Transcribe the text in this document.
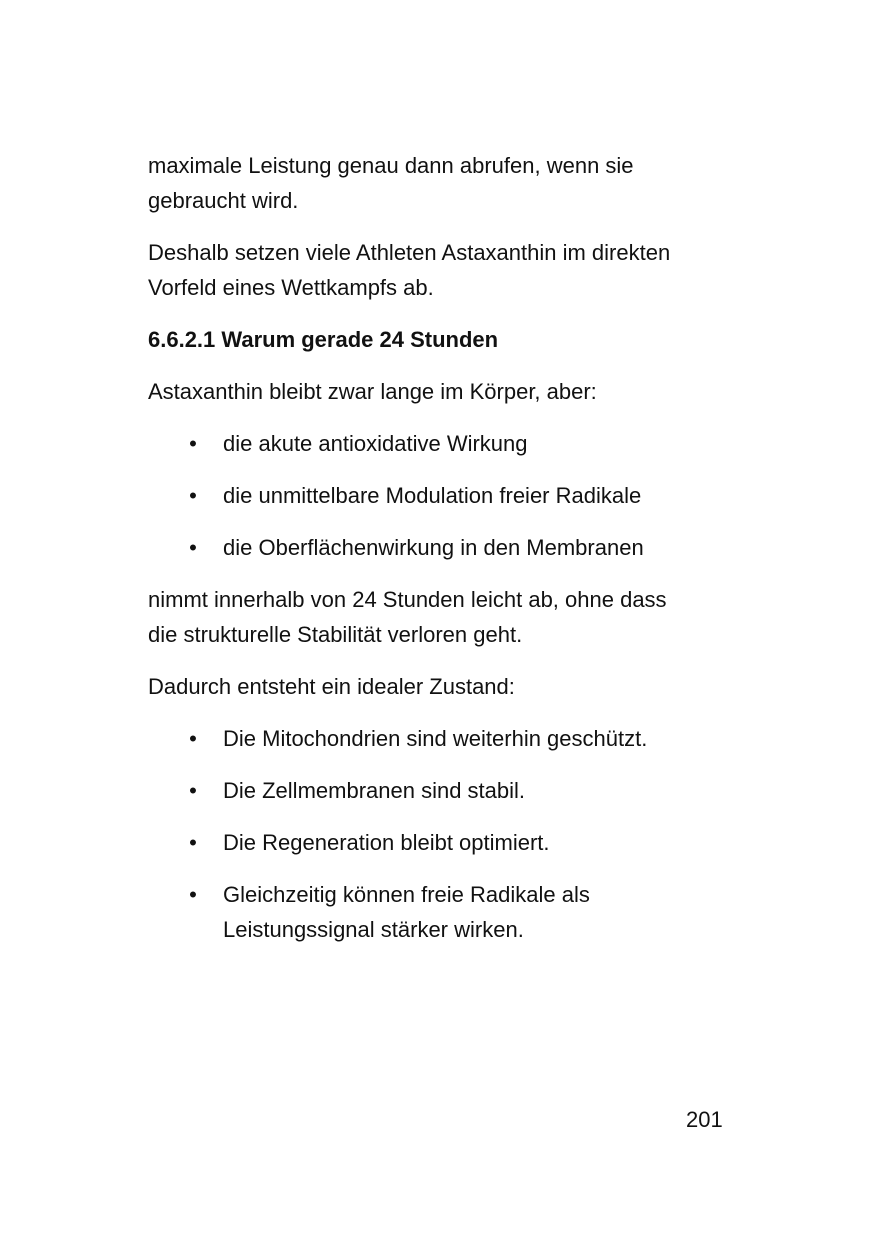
maximale Leistung genau dann abrufen, wenn sie
gebraucht wird.

Deshalb setzen viele Athleten Astaxanthin im direkten
Vorfeld eines Wettkampfs ab.

6.6.2.1 Warum gerade 24 Stunden

Astaxanthin bleibt zwar lange im Körper, aber:

• die akute antioxidative Wirkung
• die unmittelbare Modulation freier Radikale
• die Oberflächenwirkung in den Membranen

nimmt innerhalb von 24 Stunden leicht ab, ohne dass
die strukturelle Stabilität verloren geht.

Dadurch entsteht ein idealer Zustand:

• Die Mitochondrien sind weiterhin geschützt.
• Die Zellmembranen sind stabil.
• Die Regeneration bleibt optimiert.
• Gleichzeitig können freie Radikale als
Leistungssignal stärker wirken.
201
